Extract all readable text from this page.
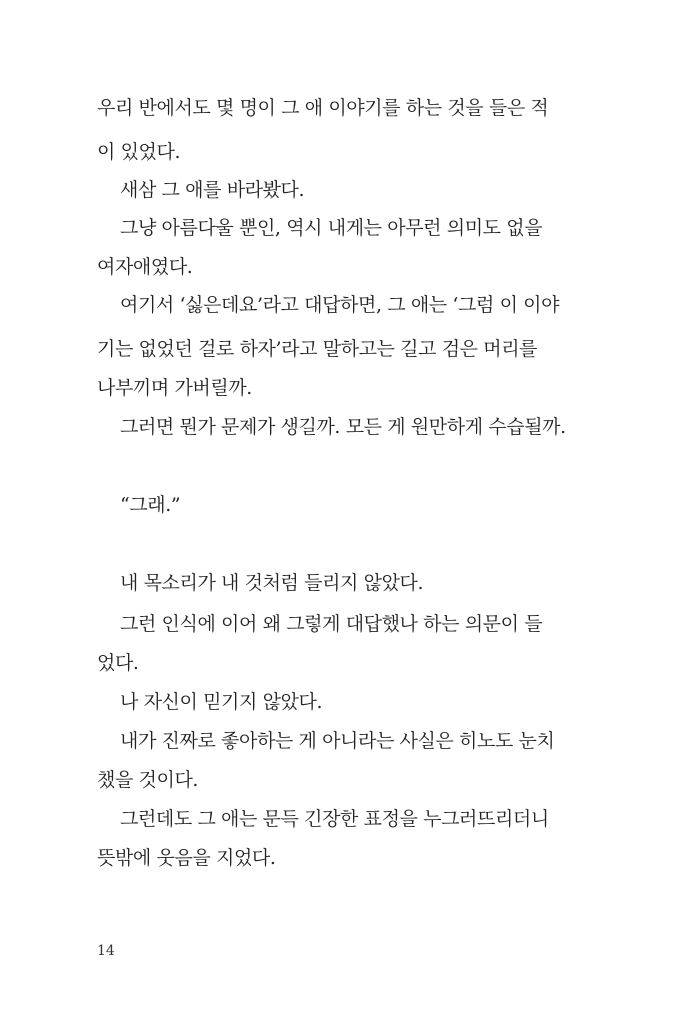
우리 반에서도 몇 명이 그 애 이야기를 하는 것을 들은 적
이 있었다.
새삼 그 애를 바라봤다.
그냥 아름다울 뿐인, 역시 내게는 아무런 의미도 없을
여자애였다.
여기서 ‘싫은데요’라고 대답하면, 그 애는 ‘그럼 이 이야
기는 없었던 걸로 하자’라고 말하고는 길고 검은 머리를
나부끼며 가버릴까.
그러면 뭔가 문제가 생길까. 모든 게 원만하게 수습될까.
“그래.”
내 목소리가 내 것처럼 들리지 않았다.
그런 인식에 이어 왜 그렇게 대답했나 하는 의문이 들
었다.
나 자신이 믿기지 않았다.
내가 진짜로 좋아하는 게 아니라는 사실은 히노도 눈치
챘을 것이다.
그런데도 그 애는 문득 긴장한 표정을 누그러뜨리더니
뜻밖에 웃음을 지었다.
14
